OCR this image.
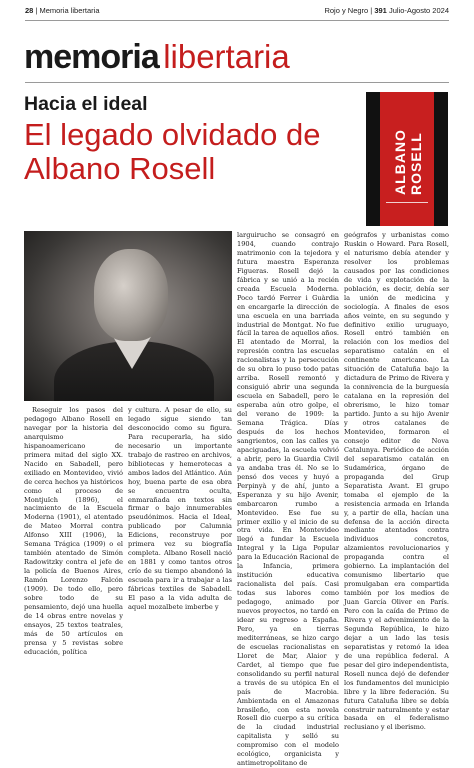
28 | Memoria libertaria	Rojo y Negro | 391 Julio-Agosto 2024
memoria libertaria
Hacia el ideal
El legado olvidado de Albano Rosell	ALBANO ROSELL

Reseguir los pasos del pedagogo Albano Rosell en navegar por la historia del anarquismo hispanoamericano de primera mitad del siglo XX. Nacido en Sabadell, pero exiliado en Montevideo, vivió de cerca hechos ya históricos como el proceso de Montjuïch (1896), el nacimiento de la Escuela Moderna (1901), el atentado de Mateo Morral contra Alfonso XIII (1906), la Semana Trágica (1909) o el también atentado de Simón Radowitzky contra el jefe de la policía de Buenos Aires, Ramón Lorenzo Falcón (1909). De todo ello, pero sobre todo de su pensamiento, dejó una huella de 14 obras entre novelas y ensayos, 25 textos teatrales, más de 50 artículos en prensa y 5 revistas sobre educación, política

y cultura. A pesar de ello, su legado sigue siendo tan desconocido como su figura. Para recuperarla, ha sido necesario un importante trabajo de rastreo en archivos, bibliotecas y hemerotecas a ambos lados del Atlántico. Aún hoy, buena parte de esa obra se encuentra oculta, enmarañada en textos sin firmar o bajo innumerables pseudónimos. Hacia el Ideal, publicado por Calumnia Edicions, reconstruye por primera vez su biografía completa. Albano Rosell nació en 1881 y como tantos otros crío de su tiempo abandonó la escuela para ir a trabajar a las fábricas textiles de Sabadell. El paso a la vida adulta de aquel mozalbete imberbe y

larguirucho se consagró en 1904, cuando contrajo matrimonio con la tejedora y futura maestra Esperanza Figueras. Rosell dejó la fábrica y se unió a la recién creada Escuela Moderna. Poco tardó Ferrer i Guàrdia en encargarle la dirección de una escuela en una barriada industrial de Montgat. No fue fácil la tarea de aquellos años. El atentado de Morral, la represión contra las escuelas racionalistas y la persecución de su obra lo puso todo patas arriba. Rosell remontó y consiguió abrir una segunda escuela en Sabadell, pero le esperaba aún otro golpe, el del verano de 1909: la Semana Trágica. Días después de los hechos sangrientos, con las calles ya apaciguadas, la escuela volvió a abrir, pero la Guardia Civil ya andaba tras él. No se lo pensó dos veces y huyó a Perpinyà y de ahí, junto a Esperanza y su hijo Avenir, embarcaron rumbo a Montevideo. Ese fue su primer exilio y el inicio de su otra vida. En Montevideo llegó a fundar la Escuela Integral y la Liga Popular para la Educación Racional de la Infancia, primera institución educativa racionalista del país. Casi todas sus labores como pedagogo, animado por nuevos proyectos, no tardó en idear su regreso a España. Pero, ya en tierras mediterráneas, se hizo cargo de escuelas racionalistas en Lloret de Mar, Alaior y Cardet, al tiempo que fue consolidando su perfil natural a través de su utópica En el país de Macrobia. Ambientada en el Amazonas brasileño, con esta novela Rosell dio cuerpo a su crítica de la ciudad industrial capitalista y selló su compromiso con el modelo ecológico, organicista y antimetropolitano de

geógrafos y urbanistas como Ruskin o Howard. Para Rosell, el naturismo debía atender y resolver los problemas causados por las condiciones de vida y explotación de la población, es decir, debía ser la unión de medicina y sociología. A finales de esos años veinte, en su segundo y definitivo exilio uruguayo, Rosell entró también en relación con los medios del separatismo catalán en el continente americano. La situación de Cataluña bajo la dictadura de Primo de Rivera y la connivencia de la burguesía catalana en la represión del obrerismo, le hizo tomar partido. Junto a su hijo Avenir y otros catalanes de Montevideo, formaron el consejo editor de Nova Catalunya. Periódico de acción del separatismo catalán en Sudamérica, órgano de propaganda del Grup Separatista Avant. El grupo tomaba el ejemplo de la resistencia armada en Irlanda y, a partir de ella, hacían una defensa de la acción directa mediante atentados contra individuos concretos, alzamientos revolucionarios y propaganda contra el gobierno. La implantación del comunismo libertario que promulgaban era compartida también por los medios de Juan García Oliver en París. Pero con la caída de Primo de Rivera y el advenimiento de la Segunda República, le hizo dejar a un lado las tesis separatistas y retomó la idea de una república federal. A pesar del giro independentista, Rosell nunca dejó de defender los fundamentos del municipio libre y la libre federación. Su futura Cataluña libre se debía construir naturalmente y estar basada en el federalismo reclusiano y el iberismo.
